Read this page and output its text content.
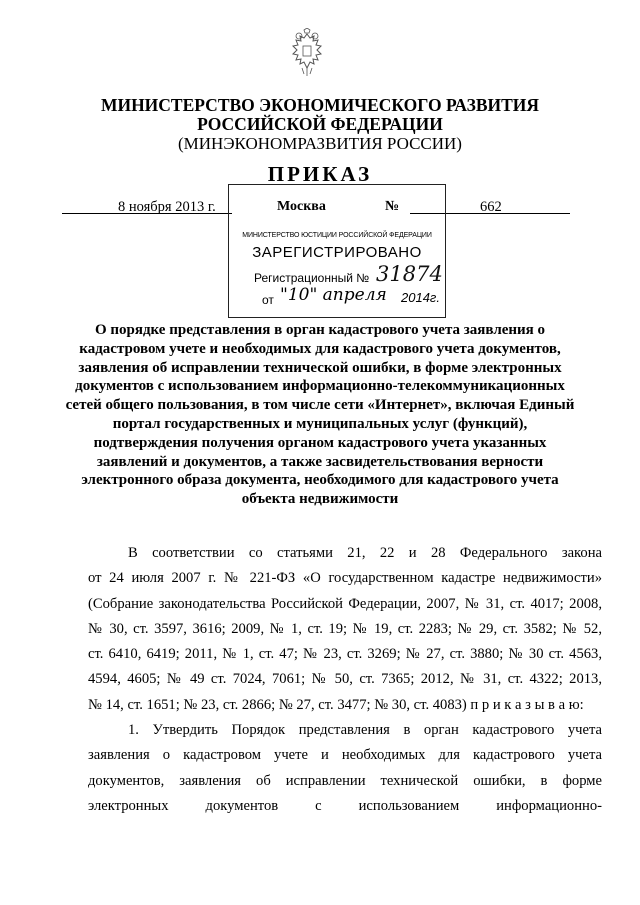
МИНИСТЕРСТВО ЭКОНОМИЧЕСКОГО РАЗВИТИЯ
РОССИЙСКОЙ ФЕДЕРАЦИИ
(МИНЭКОНОМРАЗВИТИЯ РОССИИ)
ПРИКАЗ
8 ноября 2013 г.	Москва	№	662
МИНИСТЕРСТВО ЮСТИЦИИ РОССИЙСКОЙ ФЕДЕРАЦИИ
ЗАРЕГИСТРИРОВАНО
Регистрационный № 31874
от "10" апреля 2014г.
О порядке представления в орган кадастрового учета заявления о
кадастровом учете и необходимых для кадастрового учета документов,
заявления об исправлении технической ошибки, в форме электронных
документов с использованием информационно-телекоммуникационных
сетей общего пользования, в том числе сети «Интернет», включая Единый
портал государственных и муниципальных услуг (функций),
подтверждения получения органом кадастрового учета указанных
заявлений и документов, а также засвидетельствования верности
электронного образа документа, необходимого для кадастрового учета
объекта недвижимости
В соответствии со статьями 21, 22 и 28 Федерального закона
от 24 июля 2007 г. № 221-ФЗ «О государственном кадастре недвижимости»
(Собрание законодательства Российской Федерации, 2007, № 31, ст. 4017; 2008,
№ 30, ст. 3597, 3616; 2009, № 1, ст. 19; № 19, ст. 2283; № 29, ст. 3582; № 52,
ст. 6410, 6419; 2011, № 1, ст. 47; № 23, ст. 3269; № 27, ст. 3880; № 30 ст. 4563,
4594, 4605; № 49 ст. 7024, 7061; № 50, ст. 7365; 2012, № 31, ст. 4322; 2013,
№ 14, ст. 1651; № 23, ст. 2866; № 27, ст. 3477; № 30, ст. 4083) п р и к а з ы в а ю:
1. Утвердить Порядок представления в орган кадастрового учета
заявления о кадастровом учете и необходимых для кадастрового учета
документов, заявления об исправлении технической ошибки, в форме
электронных документов с использованием информационно-
